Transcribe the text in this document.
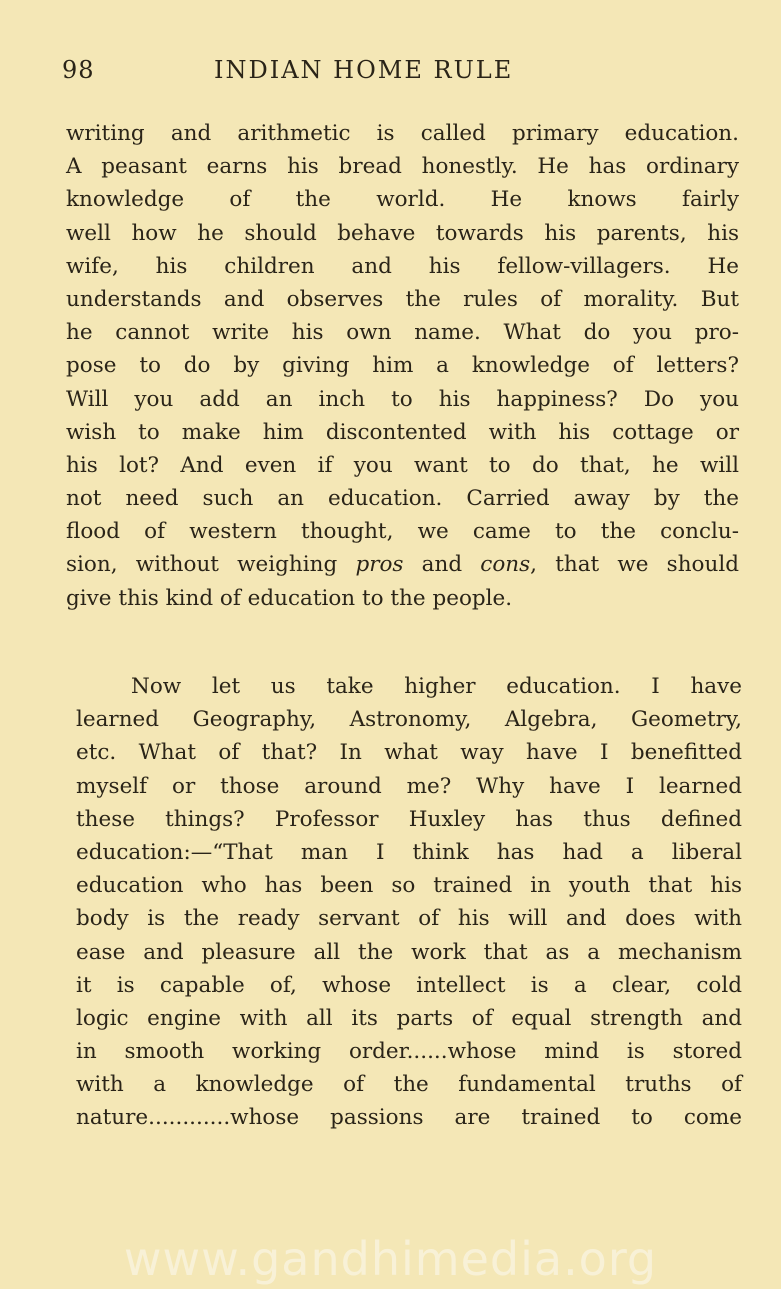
98	INDIAN HOME RULE
writing and arithmetic is called primary education.
A peasant earns his bread honestly. He has ordinary
knowledge of the world. He knows fairly
well how he should behave towards his parents, his
wife, his children and his fellow-villagers. He
understands and observes the rules of morality. But
he cannot write his own name. What do you pro-
pose to do by giving him a knowledge of letters?
Will you add an inch to his happiness? Do you
wish to make him discontented with his cottage or
his lot? And even if you want to do that, he will
not need such an education. Carried away by the
flood of western thought, we came to the conclu-
sion, without weighing pros and cons, that we should
give this kind of education to the people.
Now let us take higher education. I have
learned Geography, Astronomy, Algebra, Geometry,
etc. What of that? In what way have I benefitted
myself or those around me? Why have I learned
these things? Professor Huxley has thus defined
education:—“That man I think has had a liberal
education who has been so trained in youth that his
body is the ready servant of his will and does with
ease and pleasure all the work that as a mechanism
it is capable of, whose intellect is a clear, cold
logic engine with all its parts of equal strength and
in smooth working order......whose mind is stored
with a knowledge of the fundamental truths of
nature............whose passions are trained to come
www.gandhimedia.org
